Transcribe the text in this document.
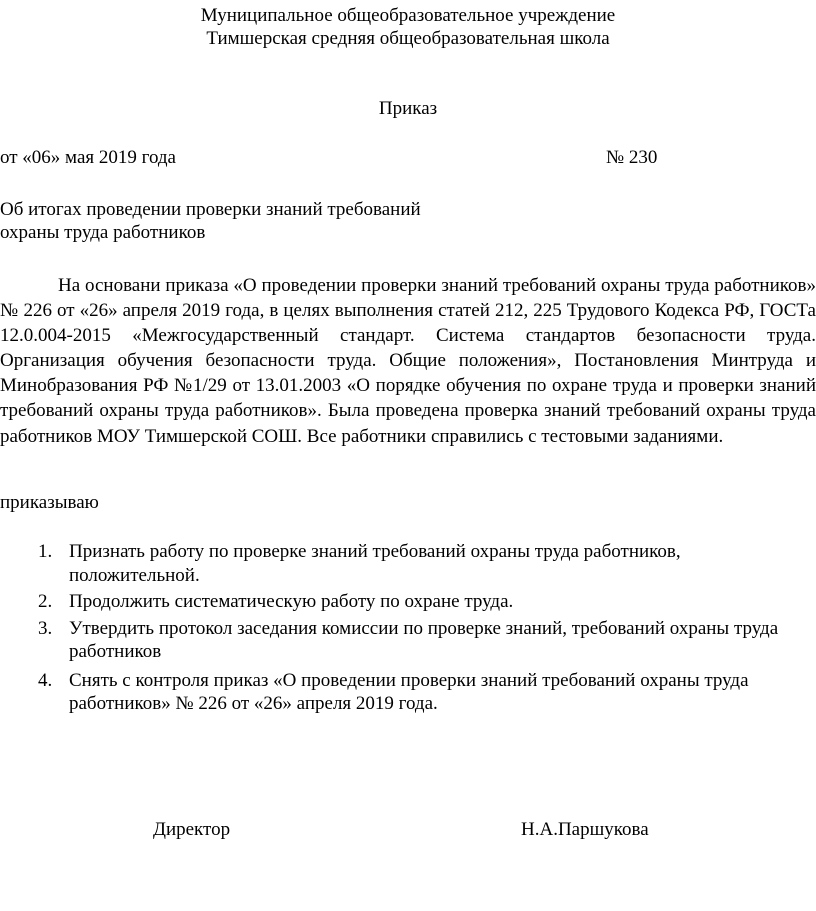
Муниципальное общеобразовательное учреждение
Тимшерская средняя общеобразовательная школа
Приказ
от «06» мая 2019 года	№ 230
Об итогах проведении проверки знаний требований
охраны труда работников

На основани приказа «О проведении проверки знаний требований охраны труда работников» № 226 от «26» апреля 2019 года, в целях выполнения статей 212, 225 Трудового Кодекса РФ, ГОСТа 12.0.004-2015 «Межгосударственный стандарт. Система стандартов безопасности труда. Организация обучения безопасности труда. Общие положения», Постановления Минтруда и Минобразования РФ №1/29 от 13.01.2003 «О порядке обучения по охране труда и проверки знаний требований охраны труда работников». Была проведена проверка знаний требований охраны труда работников МОУ Тимшерской СОШ. Все работники справились с тестовыми заданиями.

приказываю
1. Признать работу по проверке знаний требований охраны труда работников, положительной.
2. Продолжить систематическую работу по охране труда.
3. Утвердить протокол заседания комиссии по проверке знаний, требований охраны труда работников
4. Снять с контроля приказ «О проведении проверки знаний требований охраны труда работников» № 226 от «26» апреля 2019 года.
Директор	Н.А.Паршукова
